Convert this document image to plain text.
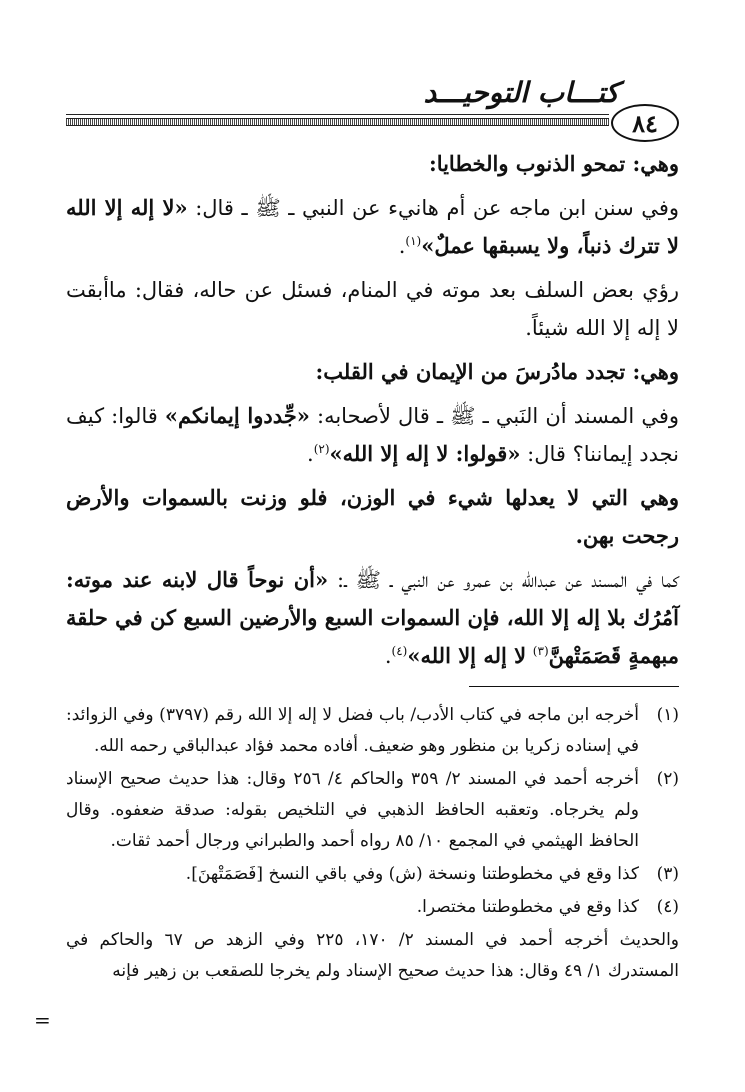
كتـــاب التوحيـــد
٨٤

وهي: تمحو الذنوب والخطايا:

وفي سنن ابن ماجه عن أم هانيء عن النبي ـ ﷺ ـ قال: «لا إله إلا الله لا تترك ذنباً، ولا يسبقها عملٌ»$^{(١)}$.

رؤي بعض السلف بعد موته في المنام، فسئل عن حاله، فقال: ماأبقت لا إله إلا الله شيئاً.

وهي: تجدد مادُرسَ من الإيمان في القلب:

وفي المسند أن النَبي ـ ﷺ ـ قال لأصحابه: «جِّددوا إيمانكم» قالوا: كيف نجدد إيماننا؟ قال: «قولوا: لا إله إلا الله»$^{(٢)}$.

وهي التي لا يعدلها شيء في الوزن، فلو وزنت بالسموات والأرض رجحت بهن.

كما في المسند عن عبدالله بن عمرو عن النبي ـ ﷺ ـ: «أن نوحاً قال لابنه عند موته: آمُرُك بلا إله إلا الله، فإن السموات السبع والأرضين السبع كن في حلقة مبهمةٍ قَصَمَتْهنَّ$^{(٣)}$ لا إله إلا الله»$^{(٤)}$.

(١)
أخرجه ابن ماجه في كتاب الأدب/ باب فضل لا إله إلا الله رقم (٣٧٩٧) وفي الزوائد: في إسناده زكريا بن منظور وهو ضعيف. أفاده محمد فؤاد عبدالباقي رحمه الله.
(٢)
أخرجه أحمد في المسند ٢/ ٣٥٩ والحاكم ٤/ ٢٥٦ وقال: هذا حديث صحيح الإسناد ولم يخرجاه. وتعقبه الحافظ الذهبي في التلخيص بقوله: صدقة ضعفوه. وقال الحافظ الهيثمي في المجمع ١٠/ ٨٥ رواه أحمد والطبراني ورجال أحمد ثقات.
(٣)
كذا وقع في مخطوطتنا ونسخة (ش) وفي باقي النسخ [فَصَمَتْهنَ].
(٤)
كذا وقع في مخطوطتنا مختصرا.
والحديث أخرجه أحمد في المسند ٢/ ١٧٠، ٢٢٥ وفي الزهد ص ٦٧ والحاكم في المستدرك ١/ ٤٩ وقال: هذا حديث صحيح الإسناد ولم يخرجا للصقعب بن زهير فإنه
=
